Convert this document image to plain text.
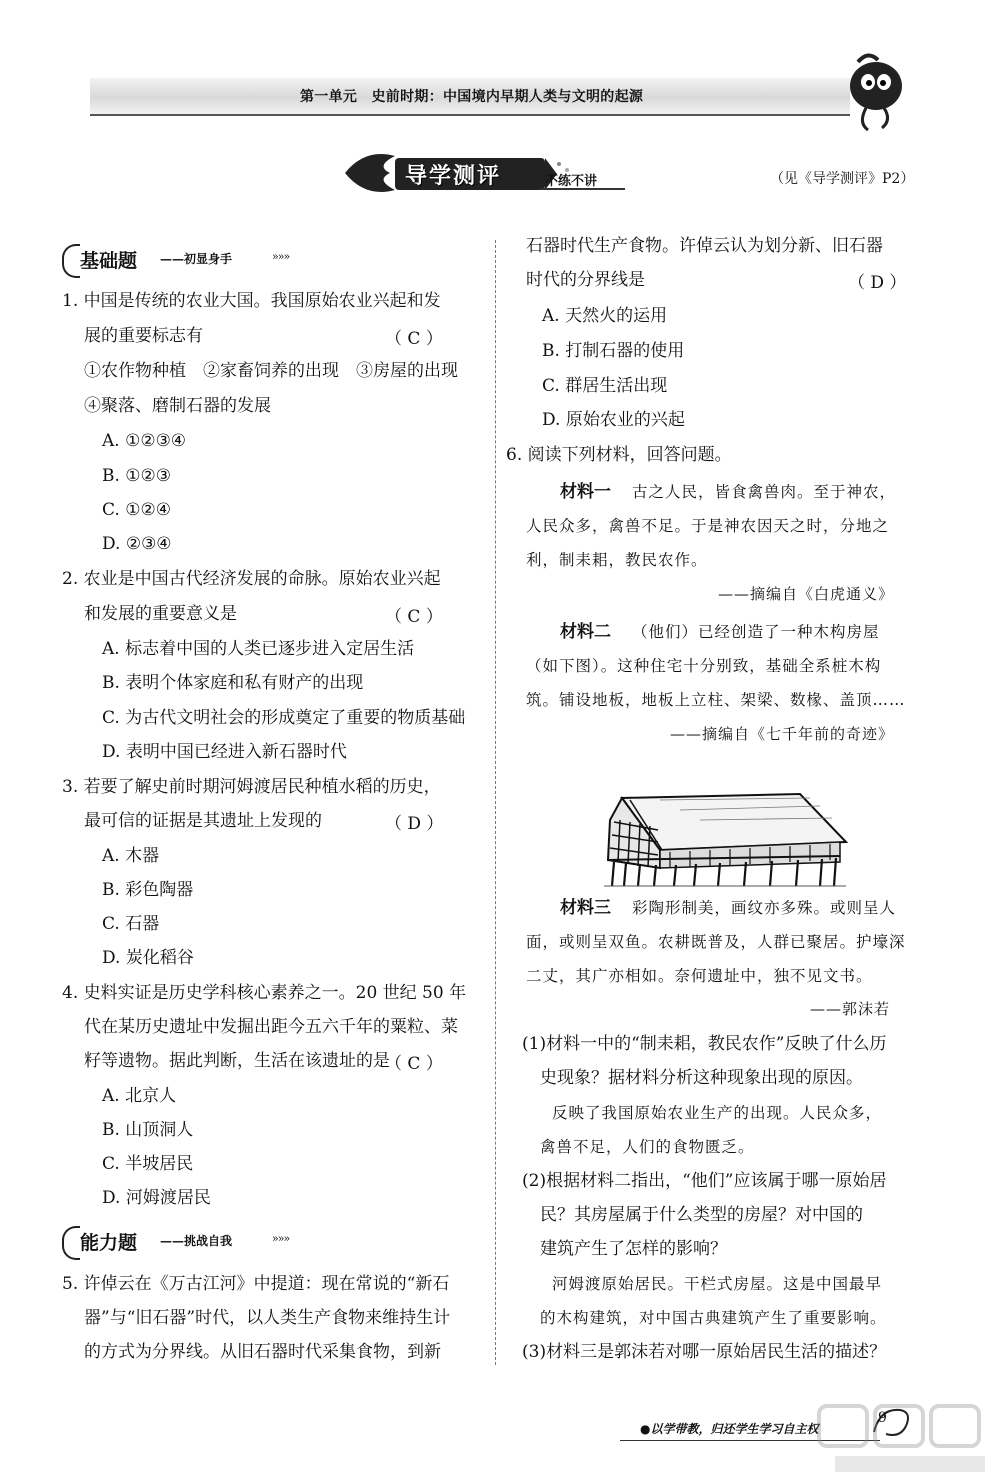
第一单元　史前时期：中国境内早期人类与文明的起源
导学测评	不练不讲	（见《导学测评》P2）
基础题 ——初显身手	»»»
1. 中国是传统的农业大国。我国原始农业兴起和发
展的重要标志有	（ C ）
①农作物种植　②家畜饲养的出现　③房屋的出现
④聚落、磨制石器的发展
A. ①②③④
B. ①②③
C. ①②④
D. ②③④
2. 农业是中国古代经济发展的命脉。原始农业兴起
和发展的重要意义是	（ C ）
A. 标志着中国的人类已逐步进入定居生活
B. 表明个体家庭和私有财产的出现
C. 为古代文明社会的形成奠定了重要的物质基础
D. 表明中国已经进入新石器时代
3. 若要了解史前时期河姆渡居民种植水稻的历史，
最可信的证据是其遗址上发现的	（ D ）
A. 木器
B. 彩色陶器
C. 石器
D. 炭化稻谷
4. 史料实证是历史学科核心素养之一。20 世纪 50 年
代在某历史遗址中发掘出距今五六千年的粟粒、菜
籽等遗物。据此判断，生活在该遗址的是
（ C ）
A. 北京人
B. 山顶洞人
C. 半坡居民
D. 河姆渡居民
能力题 ——挑战自我	»»»
5. 许倬云在《万古江河》中提道：现在常说的“新石
器”与“旧石器”时代，以人类生产食物来维持生计
的方式为分界线。从旧石器时代采集食物，到新
石器时代生产食物。许倬云认为划分新、旧石器
时代的分界线是	（ D ）
A. 天然火的运用
B. 打制石器的使用
C. 群居生活出现
D. 原始农业的兴起
6. 阅读下列材料，回答问题。
材料一 古之人民，皆食禽兽肉。至于神农，
人民众多，禽兽不足。于是神农因天之时，分地之
利，制耒耜，教民农作。
——摘编自《白虎通义》
材料二 （他们）已经创造了一种木构房屋
（如下图）。这种住宅十分别致，基础全系桩木构
筑。铺设地板，地板上立柱、架梁、数椽、盖顶……
——摘编自《七千年前的奇迹》
材料三 彩陶形制美，画纹亦多殊。或则呈人
面，或则呈双鱼。农耕既普及，人群已聚居。护壕深
二丈，其广亦相如。奈何遗址中，独不见文书。
——郭沫若
(1)材料一中的“制耒耜，教民农作”反映了什么历
史现象？据材料分析这种现象出现的原因。
反映了我国原始农业生产的出现。人民众多，
禽兽不足，人们的食物匮乏。
(2)根据材料二指出，“他们”应该属于哪一原始居
民？其房屋属于什么类型的房屋？对中国的
建筑产生了怎样的影响？
河姆渡原始居民。干栏式房屋。这是中国最早
的木构建筑，对中国古典建筑产生了重要影响。
(3)材料三是郭沫若对哪一原始居民生活的描述？
●以学带教，归还学生学习自主权
9
